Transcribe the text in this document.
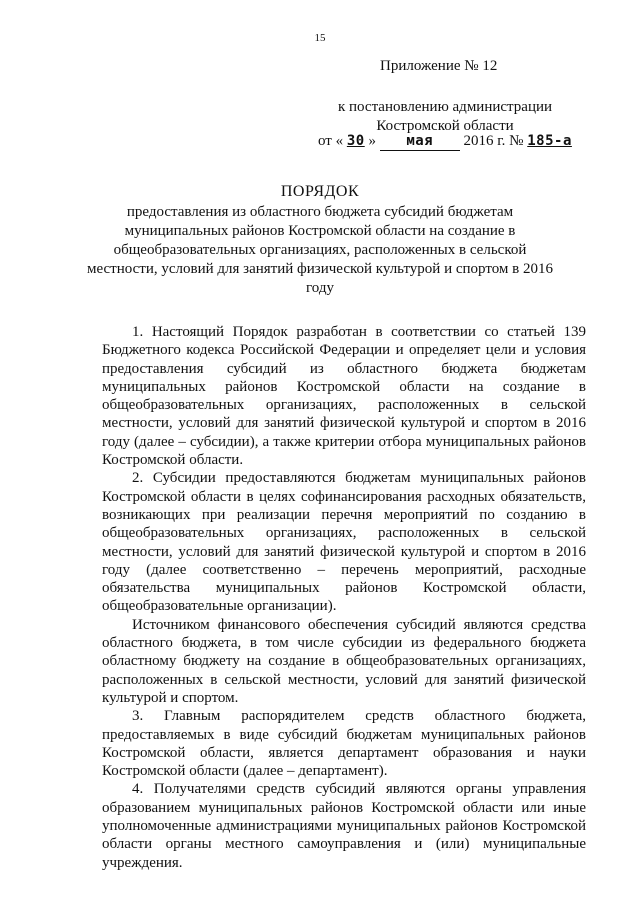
15
Приложение № 12
к постановлению администрации
Костромской области
от « 30 » мая 2016 г. № 185-а
ПОРЯДОК
предоставления из областного бюджета субсидий бюджетам муниципальных районов Костромской области на создание в общеобразовательных организациях, расположенных в сельской местности, условий для занятий физической культурой и спортом в 2016 году

1. Настоящий Порядок разработан в соответствии со статьей 139 Бюджетного кодекса Российской Федерации и определяет цели и условия предоставления субсидий из областного бюджета бюджетам муниципальных районов Костромской области на создание в общеобразовательных организациях, расположенных в сельской местности, условий для занятий физической культурой и спортом в 2016 году (далее – субсидии), а также критерии отбора муниципальных районов Костромской области.

2. Субсидии предоставляются бюджетам муниципальных районов Костромской области в целях софинансирования расходных обязательств, возникающих при реализации перечня мероприятий по созданию в общеобразовательных организациях, расположенных в сельской местности, условий для занятий физической культурой и спортом в 2016 году (далее соответственно – перечень мероприятий, расходные обязательства муниципальных районов Костромской области, общеобразовательные организации).

Источником финансового обеспечения субсидий являются средства областного бюджета, в том числе субсидии из федерального бюджета областному бюджету на создание в общеобразовательных организациях, расположенных в сельской местности, условий для занятий физической культурой и спортом.

3. Главным распорядителем средств областного бюджета, предоставляемых в виде субсидий бюджетам муниципальных районов Костромской области, является департамент образования и науки Костромской области (далее – департамент).

4. Получателями средств субсидий являются органы управления образованием муниципальных районов Костромской области или иные уполномоченные администрациями муниципальных районов Костромской области органы местного самоуправления и (или) муниципальные учреждения.
